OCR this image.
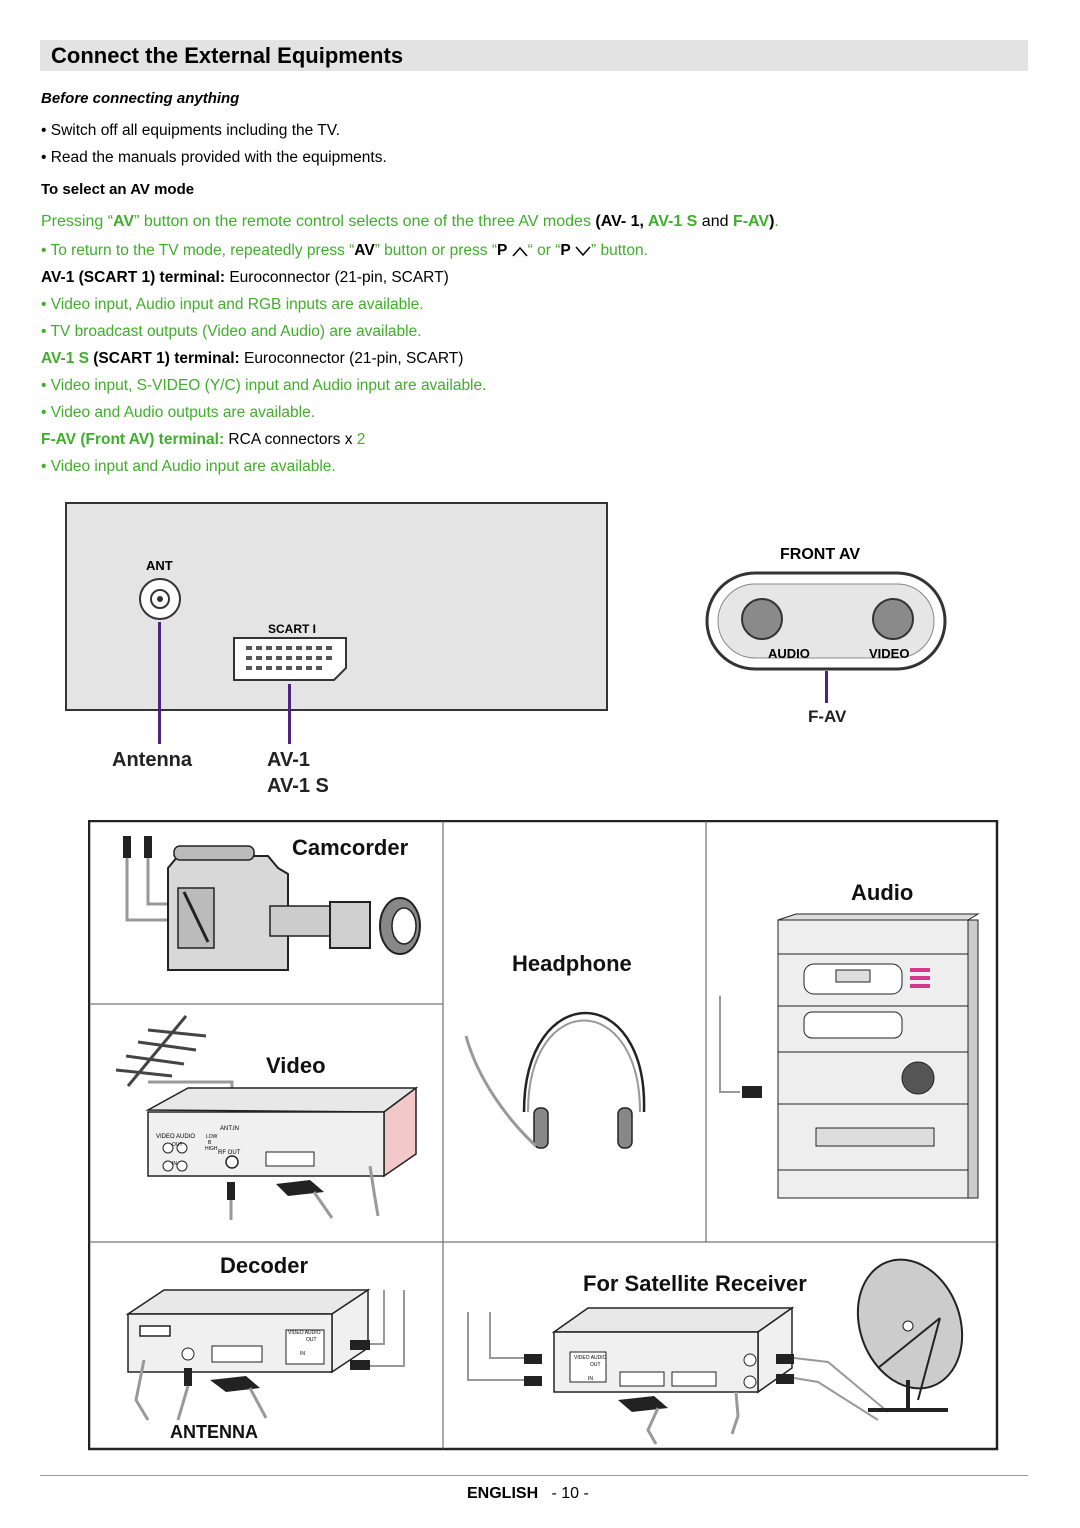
Connect the External Equipments
Before connecting anything
• Switch off all equipments including the TV.
• Read the manuals provided with the equipments.
To select an AV mode
Pressing “AV” button on the remote control selects one of the three AV modes (AV- 1, AV-1 S and F-AV).
• To return to the TV mode, repeatedly press “AV” button or press “P “ or “P ” button.
AV-1 (SCART 1) terminal: Euroconnector (21-pin, SCART)
• Video input, Audio input and RGB inputs are available.
• TV broadcast outputs (Video and Audio) are available.
AV-1 S (SCART 1) terminal: Euroconnector (21-pin, SCART)
• Video input, S-VIDEO (Y/C) input and Audio input are available.
• Video and Audio outputs are available.
F-AV (Front AV) terminal: RCA connectors x 2
• Video input and Audio input are available.
ANT
SCART I
Antenna	AV-1
AV-1 S
FRONT AV
AUDIO	VIDEO
F-AV
Camcorder
Audio
Headphone
Video
Decoder
For Satellite Receiver
ANTENNA
VIDEO AUDIO
ANT.IN
LOW
B
HIGH
OUT
IN
RF OUT
VIDEO AUDIO
OUT
IN
VIDEO AUDIO
OUT
IN
ENGLISH - 10 -
